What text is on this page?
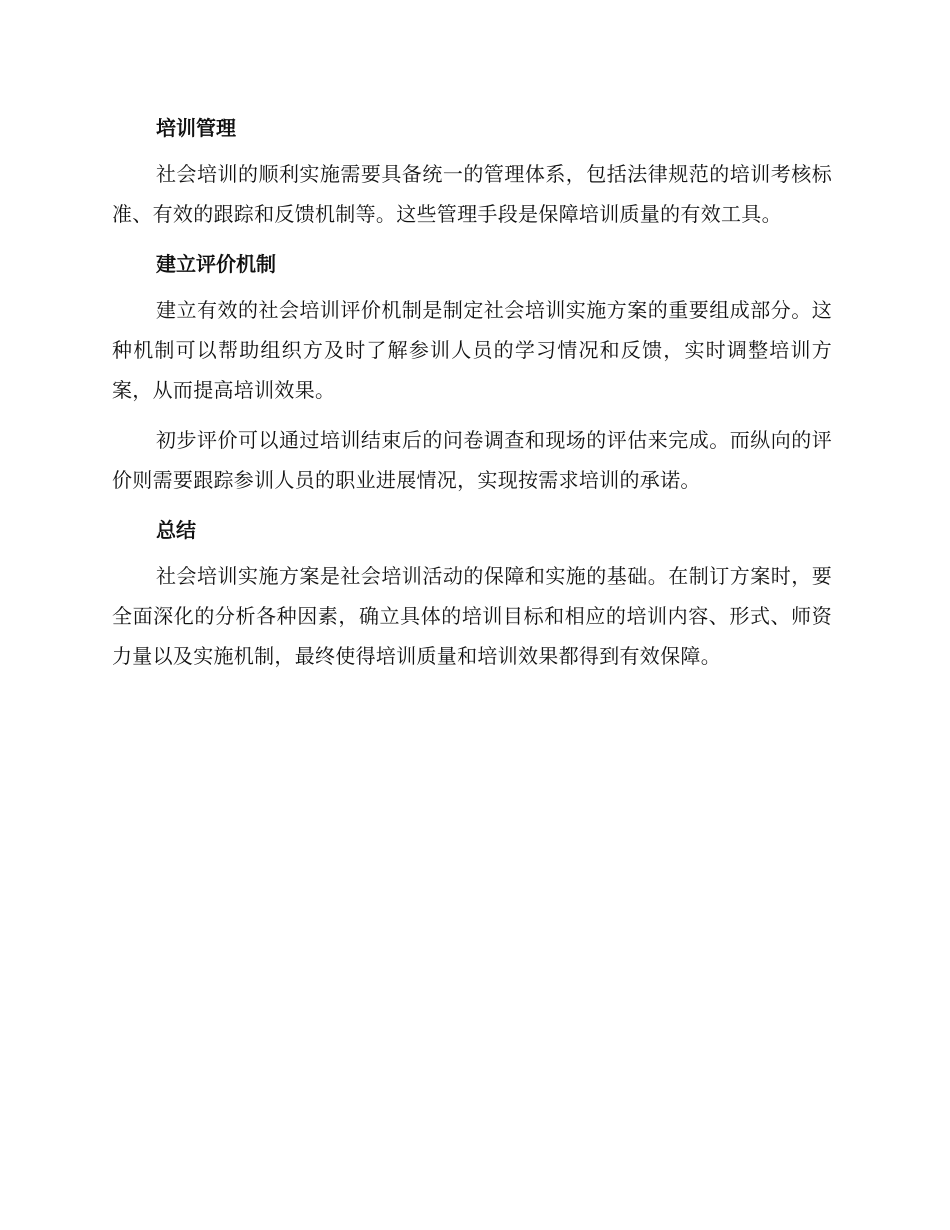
培训管理

社会培训的顺利实施需要具备统一的管理体系，包括法律规范的培训考核标准、有效的跟踪和反馈机制等。这些管理手段是保障培训质量的有效工具。

建立评价机制

建立有效的社会培训评价机制是制定社会培训实施方案的重要组成部分。这种机制可以帮助组织方及时了解参训人员的学习情况和反馈，实时调整培训方案，从而提高培训效果。

初步评价可以通过培训结束后的问卷调查和现场的评估来完成。而纵向的评价则需要跟踪参训人员的职业进展情况，实现按需求培训的承诺。

总结

社会培训实施方案是社会培训活动的保障和实施的基础。在制订方案时，要全面深化的分析各种因素，确立具体的培训目标和相应的培训内容、形式、师资力量以及实施机制，最终使得培训质量和培训效果都得到有效保障。
